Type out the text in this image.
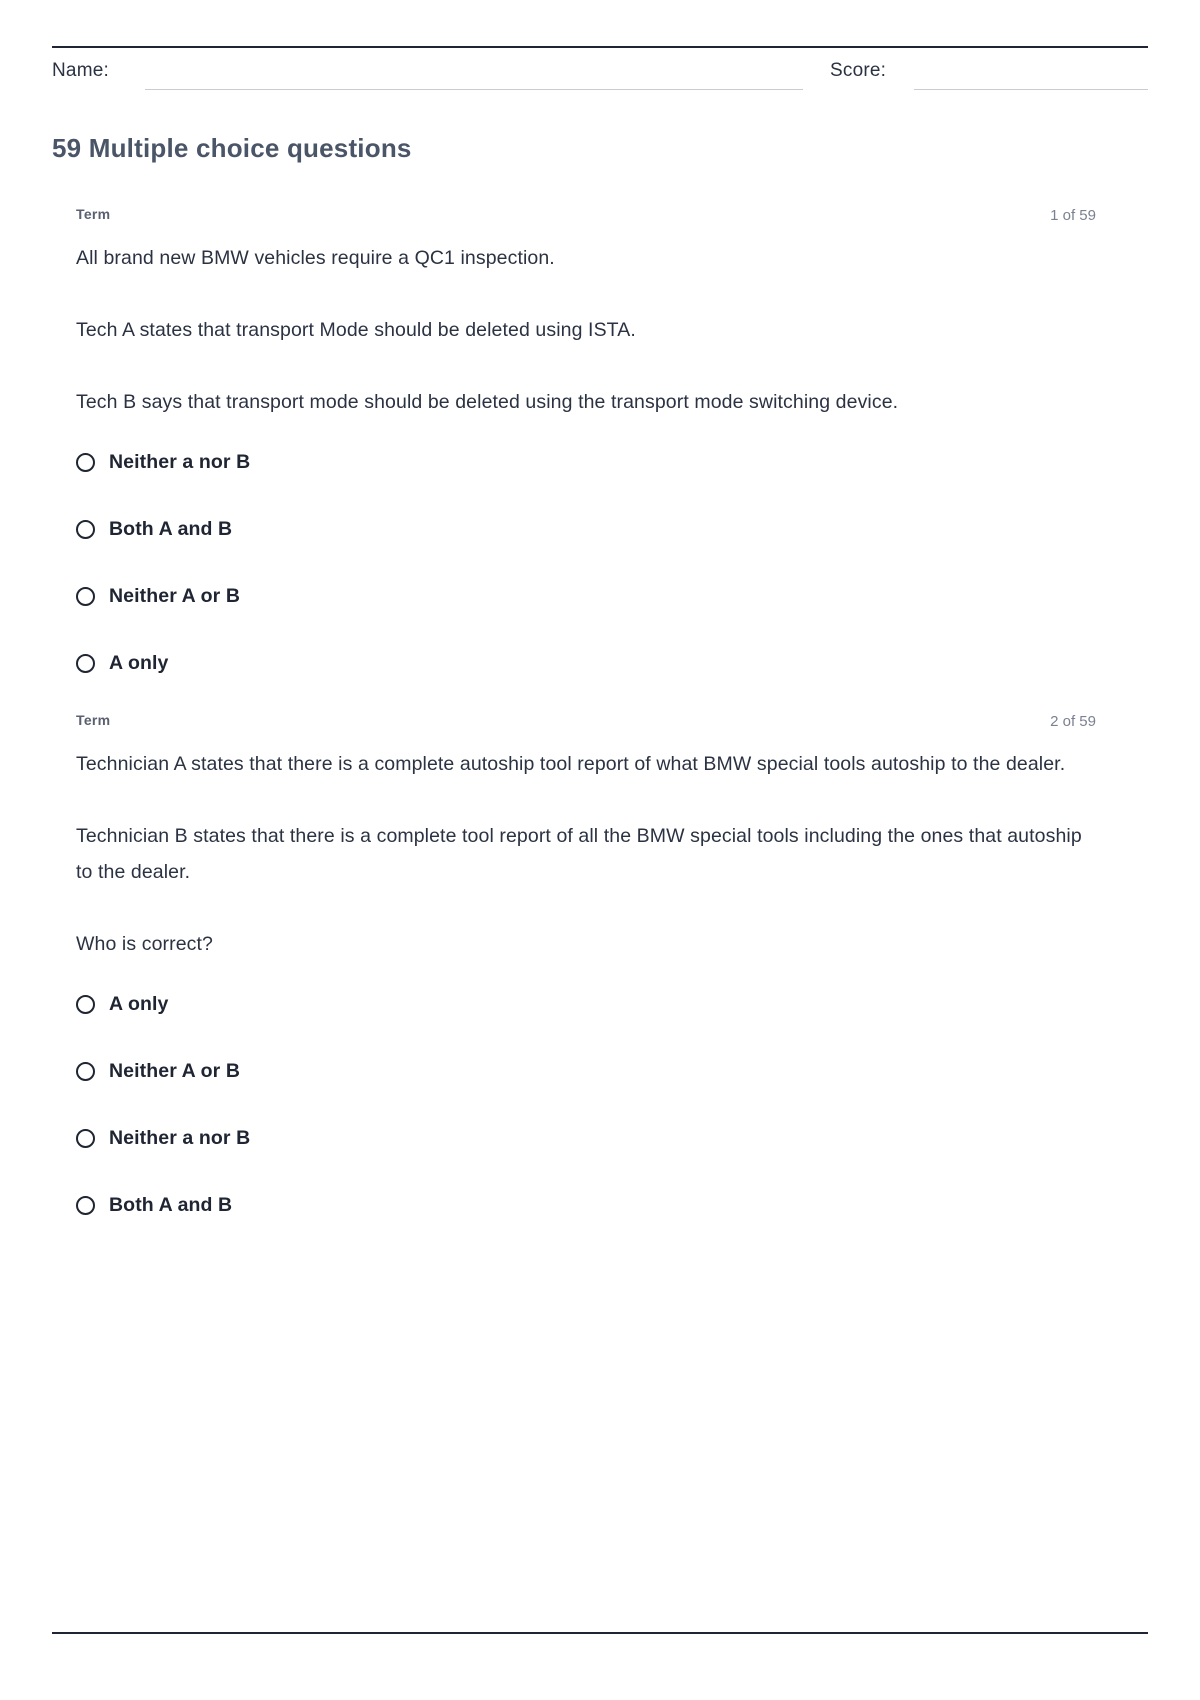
Name:	Score:
59 Multiple choice questions
Term	1 of 59

All brand new BMW vehicles require a QC1 inspection.

Tech A states that transport Mode should be deleted using ISTA.

Tech B says that transport mode should be deleted using the transport mode switching device.

Neither a nor B
Both A and B
Neither A or B
A only
Term	2 of 59

Technician A states that there is a complete autoship tool report of what BMW special tools autoship to the dealer.

Technician B states that there is a complete tool report of all the BMW special tools including the ones that autoship to the dealer.

Who is correct?

A only
Neither A or B
Neither a nor B
Both A and B
